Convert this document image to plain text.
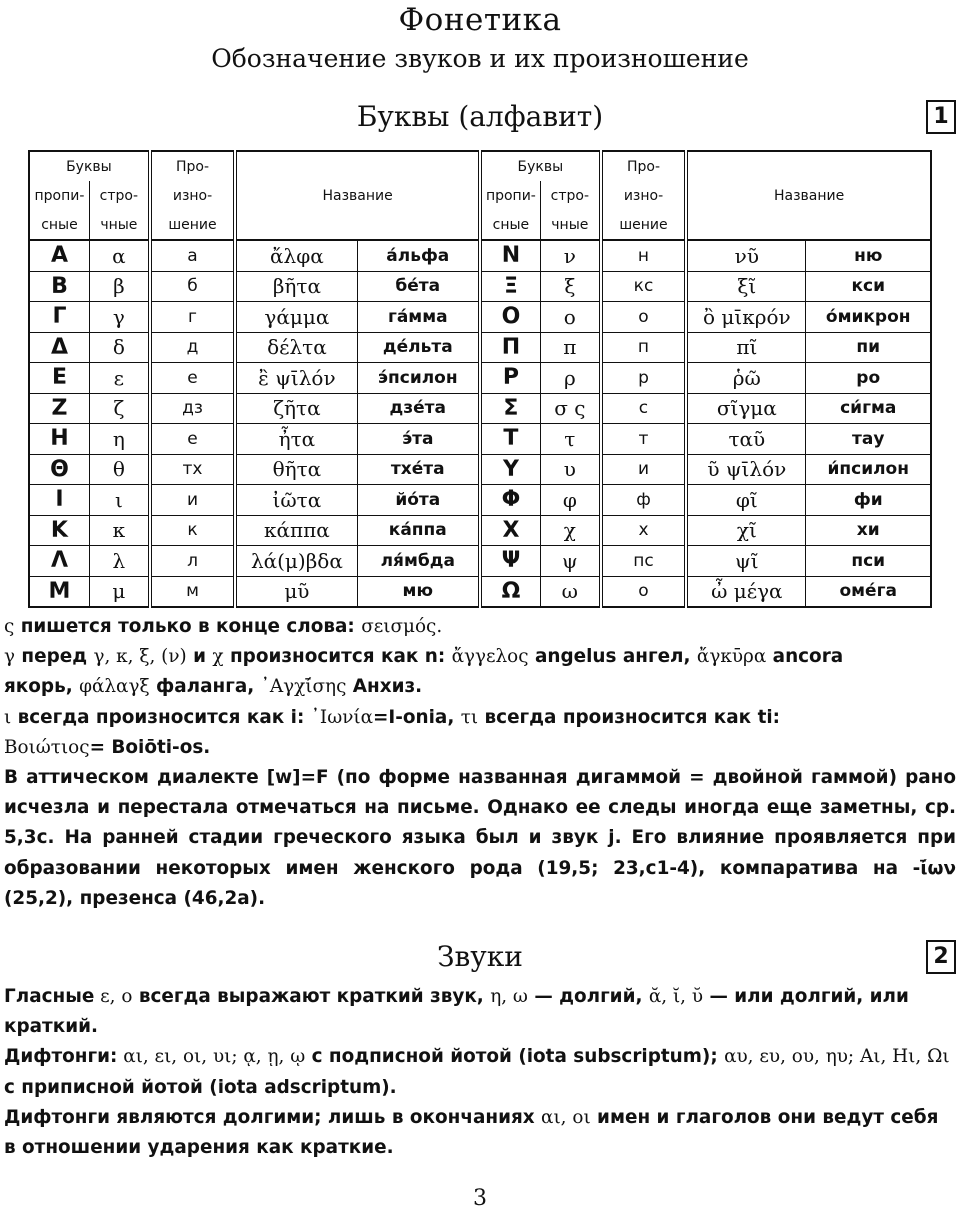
Фонетика
Обозначение звуков и их произношение
Буквы (алфавит)	1
Буквы		Про-	Название		Буквы		Про-	Название	
пропи-	стро-	изно-			пропи-	стро-	изно-		
сные	чные	шение			сные	чные	шение		
Α	α	а	ἄλφα	а́льфа	Ν	ν	н	νῦ	ню
Β	β	б	βῆτα	бе́та	Ξ	ξ	кс	ξῖ	кси
Γ	γ	г	γάμμα	га́мма	Ο	ο	о	ὂ μῑκρόν	о́микрон
Δ	δ	д	δέλτα	де́льта	Π	π	п	πῖ	пи
Ε	ε	е	ἒ ψῑλόν	э́псилон	Ρ	ρ	р	ῥῶ	ро
Ζ	ζ	дз	ζῆτα	дзе́та	Σ	σ ς	с	σῖγμα	си́гма
Η	η	е	ἦτα	э́та	Τ	τ	т	ταῦ	тау
Θ	θ	тх	θῆτα	тхе́та	Υ	υ	и	ῦ ψῑλόν	и́псилон
Ι	ι	и	ἰῶτα	йо́та	Φ	φ	ф	φῖ	фи
Κ	κ	к	κάππα	ка́ппа	Χ	χ	х	χῖ	хи
Λ	λ	л	λά(μ)βδα	ля́мбда	Ψ	ψ	пс	ψῖ	пси
Μ	μ	м	μῦ	мю	Ω	ω	о	ὦ μέγα	оме́га

ς пишется только в конце слова: σεισμός.

γ перед γ, κ, ξ, (ν) и χ произносится как n: ἄγγελος angelus ангел, ἄγκῡρα ancora
якорь, φάλαγξ фаланга, ᾿Αγχί̄σης Анхиз.

ι всегда произносится как i: ᾿Ιωνία=I-onia, τι всегда произносится как ti:
Βοιώτιος= Boiōti-os.

В аттическом диалекте [w]=F (по форме названная дигаммой = двойной гаммой) рано исчезла и перестала отмечаться на письме. Однако ее следы иногда еще заметны, ср. 5,3c. На ранней стадии греческого языка был и звук j. Его влияние проявляется при образовании некоторых имен женского рода (19,5; 23,c1-4), компаратива на -ί̄ων (25,2), презенса (46,2a).

Звуки	2

Гласные ε, ο всегда выражают краткий звук, η, ω — долгий, ᾰ, ῐ, ῠ — или долгий, или краткий.

Дифтонги: αι, ει, οι, υι; ᾳ, ῃ, ῳ с подписной йотой (iota subscriptum); αυ, ευ, ου, ηυ; Αι, Ηι, Ωι с приписной йотой (iota adscriptum).

Дифтонги являются долгими; лишь в окончаниях αι, οι имен и глаголов они ведут себя в отношении ударения как краткие.

3
